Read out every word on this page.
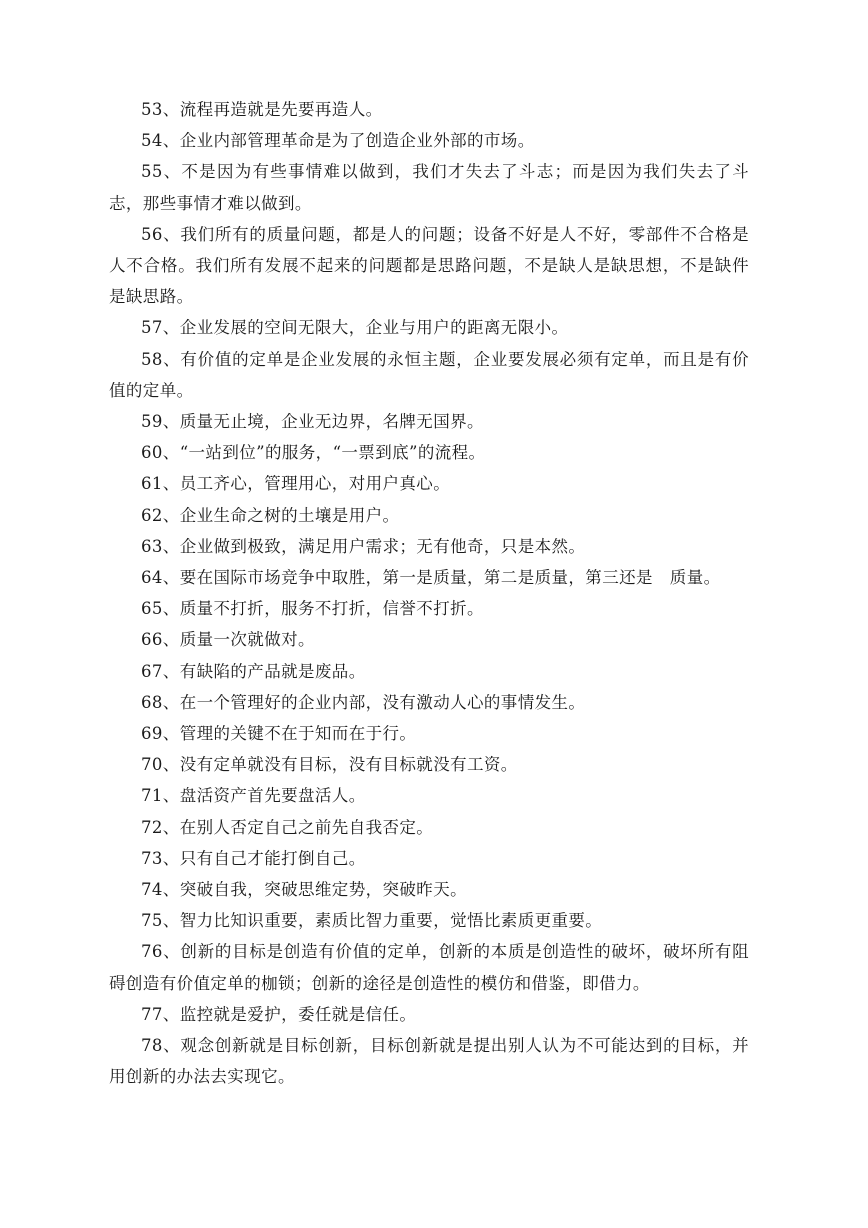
53、流程再造就是先要再造人。

54、企业内部管理革命是为了创造企业外部的市场。

55、不是因为有些事情难以做到，我们才失去了斗志；而是因为我们失去了斗志，那些事情才难以做到。

56、我们所有的质量问题，都是人的问题；设备不好是人不好，零部件不合格是人不合格。我们所有发展不起来的问题都是思路问题，不是缺人是缺思想，不是缺件是缺思路。

57、企业发展的空间无限大，企业与用户的距离无限小。

58、有价值的定单是企业发展的永恒主题，企业要发展必须有定单，而且是有价值的定单。

59、质量无止境，企业无边界，名牌无国界。

60、“一站到位”的服务，“一票到底”的流程。

61、员工齐心，管理用心，对用户真心。

62、企业生命之树的土壤是用户。

63、企业做到极致，满足用户需求；无有他奇，只是本然。

64、要在国际市场竞争中取胜，第一是质量，第二是质量，第三还是　质量。

65、质量不打折，服务不打折，信誉不打折。

66、质量一次就做对。

67、有缺陷的产品就是废品。

68、在一个管理好的企业内部，没有激动人心的事情发生。

69、管理的关键不在于知而在于行。

70、没有定单就没有目标，没有目标就没有工资。

71、盘活资产首先要盘活人。

72、在别人否定自己之前先自我否定。

73、只有自己才能打倒自己。

74、突破自我，突破思维定势，突破昨天。

75、智力比知识重要，素质比智力重要，觉悟比素质更重要。

76、创新的目标是创造有价值的定单，创新的本质是创造性的破坏，破坏所有阻碍创造有价值定单的枷锁；创新的途径是创造性的模仿和借鉴，即借力。

77、监控就是爱护，委任就是信任。

78、观念创新就是目标创新，目标创新就是提出别人认为不可能达到的目标，并用创新的办法去实现它。
